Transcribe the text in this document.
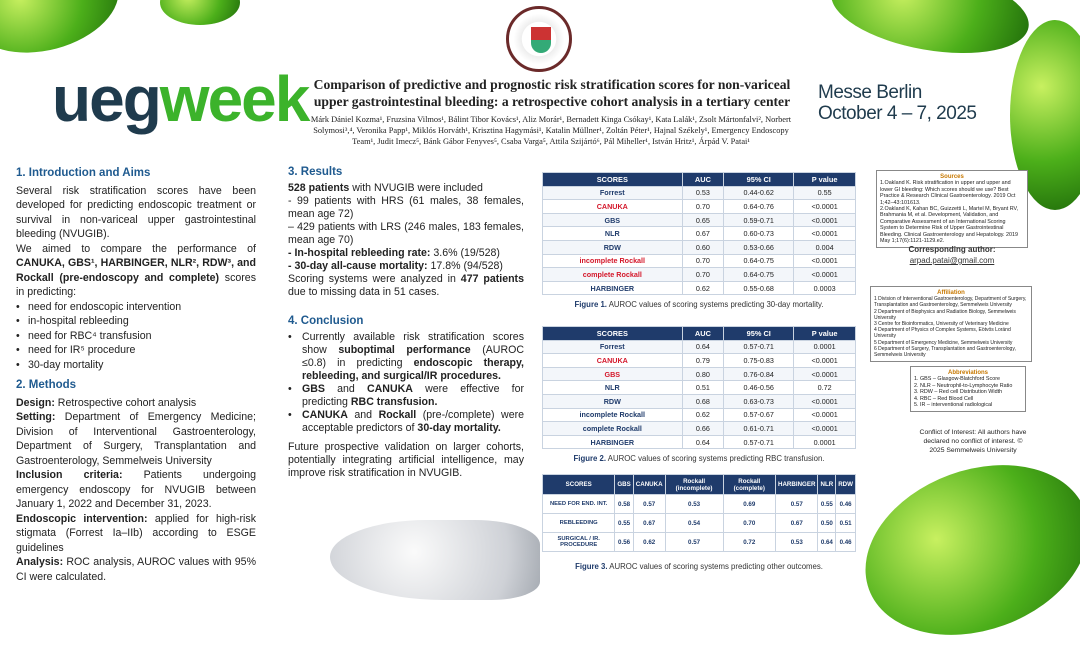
uegweek Comparison of predictive and prognostic risk stratification scores for non-variceal upper gastrointestinal bleeding: a retrospective cohort analysis in a tertiary center
Márk Dániel Kozma¹, Fruzsina Vilmos¹, Bálint Tibor Kovács¹, Aliz Morár¹, Bernadett Kinga Csókay¹, Kata Lalák¹, Zsolt Mártonfalvi², Norbert Solymosi³,⁴, Veronika Papp¹, Miklós Horváth¹, Krisztina Hagymási¹, Katalin Müllner¹, Zoltán Péter¹, Hajnal Székely¹, Emergency Endoscopy Team¹, Judit Imecz⁵, Bánk Gábor Fenyves⁵, Csaba Varga⁵, Attila Szijártó⁶, Pál Miheller¹, István Hritz¹, Árpád V. Patai¹
Messe Berlin
October 4 – 7, 2025
1. Introduction and Aims

Several risk stratification scores have been developed for predicting endoscopic treatment or survival in non-variceal upper gastrointestinal bleeding (NVUGIB).

We aimed to compare the performance of CANUKA, GBS¹, HARBINGER, NLR², RDW³, and Rockall (pre-endoscopy and complete) scores in predicting:

• need for endoscopic intervention
• in-hospital rebleeding
• need for RBC⁴ transfusion
• need for IR⁵ procedure
• 30-day mortality
2. Methods

Design: Retrospective cohort analysis

Setting: Department of Emergency Medicine; Division of Interventional Gastroenterology, Department of Surgery, Transplantation and Gastroenterology, Semmelweis University

Inclusion criteria: Patients undergoing emergency endoscopy for NVUGIB between January 1, 2022 and December 31, 2023.

Endoscopic intervention: applied for high-risk stigmata (Forrest Ia–IIb) according to ESGE guidelines

Analysis: ROC analysis, AUROC values with 95% CI were calculated.

3. Results

528 patients with NVUGIB were included
- 99 patients with HRS (61 males, 38 females, mean age 72)
– 429 patients with LRS (246 males, 183 females, mean age 70)
- In-hospital rebleeding rate: 3.6% (19/528)
- 30-day all-cause mortality: 17.8% (94/528)
Scoring systems were analyzed in 477 patients due to missing data in 51 cases.

4. Conclusion
• Currently available risk stratification scores show suboptimal performance (AUROC ≤0.8) in predicting endoscopic therapy, rebleeding, and surgical/IR procedures.
• GBS and CANUKA were effective for predicting RBC transfusion.
• CANUKA and Rockall (pre-/complete) were acceptable predictors of 30-day mortality.

Future prospective validation on larger cohorts, potentially integrating artificial intelligence, may improve risk stratification in NVUGIB.

SCORES	AUC	95% CI	P value
Forrest	0.53	0.44-0.62	0.55
CANUKA	0.70	0.64-0.76	<0.0001
GBS	0.65	0.59-0.71	<0.0001
NLR	0.67	0.60-0.73	<0.0001
RDW	0.60	0.53-0.66	0.004
incomplete Rockall	0.70	0.64-0.75	<0.0001
complete Rockall	0.70	0.64-0.75	<0.0001
HARBINGER	0.62	0.55-0.68	0.0003
Figure 1. AUROC values of scoring systems predicting 30-day mortality.
SCORES	AUC	95% CI	P value
Forrest	0.64	0.57-0.71	0.0001
CANUKA	0.79	0.75-0.83	<0.0001
GBS	0.80	0.76-0.84	<0.0001
NLR	0.51	0.46-0.56	0.72
RDW	0.68	0.63-0.73	<0.0001
incomplete Rockall	0.62	0.57-0.67	<0.0001
complete Rockall	0.66	0.61-0.71	<0.0001
HARBINGER	0.64	0.57-0.71	0.0001
Figure 2. AUROC values of scoring systems predicting RBC transfusion.
SCORES	GBS	CANUKA	Rockall (incomplete)	Rockall (complete)	HARBINGER	NLR	RDW
NEED FOR END. INT.	0.58	0.57	0.53	0.69	0.57	0.55	0.46
REBLEEDING	0.55	0.67	0.54	0.70	0.67	0.50	0.51
SURGICAL / IR. PROCEDURE	0.56	0.62	0.57	0.72	0.53	0.64	0.46
Figure 3. AUROC values of scoring systems predicting other outcomes.
Sources
1.Oakland K. Risk stratification in upper and upper and lower GI bleeding: Which scores should we use? Best Practice & Research Clinical Gastroenterology. 2019 Oct 1;42–43:101613.
2.Oakland K, Kahan BC, Guizzetti L, Martel M, Bryant RV, Brahmania M, et al. Development, Validation, and Comparative Assessment of an International Scoring System to Determine Risk of Upper Gastrointestinal Bleeding. Clinical Gastroenterology and Hepatology. 2019 May 1;17(6):1121-1129.e2.
Corresponding author:
arpad.patai@gmail.com
Affiliation
1 Division of Interventional Gastroenterology, Department of Surgery, Transplantation and Gastroenterology, Semmelweis University
2 Department of Biophysics and Radiation Biology, Semmelweis University
3 Centre for Bioinformatics, University of Veterinary Medicine
4 Department of Physics of Complex Systems, Eötvös Loránd University
5 Department of Emergency Medicine, Semmelweis University
6 Department of Surgery, Transplantation and Gastroenterology, Semmelweis University
Abbreviations
1. GBS – Glasgow-Blatchford Score
2. NLR – Neutrophil-to-Lymphocyte Ratio
3. RDW – Red cell Distribution Width
4. RBC – Red Blood Cell
5. IR – interventional radiological
Conflict of Interest: All authors have declared no conflict of interest. © 2025 Semmelweis University
